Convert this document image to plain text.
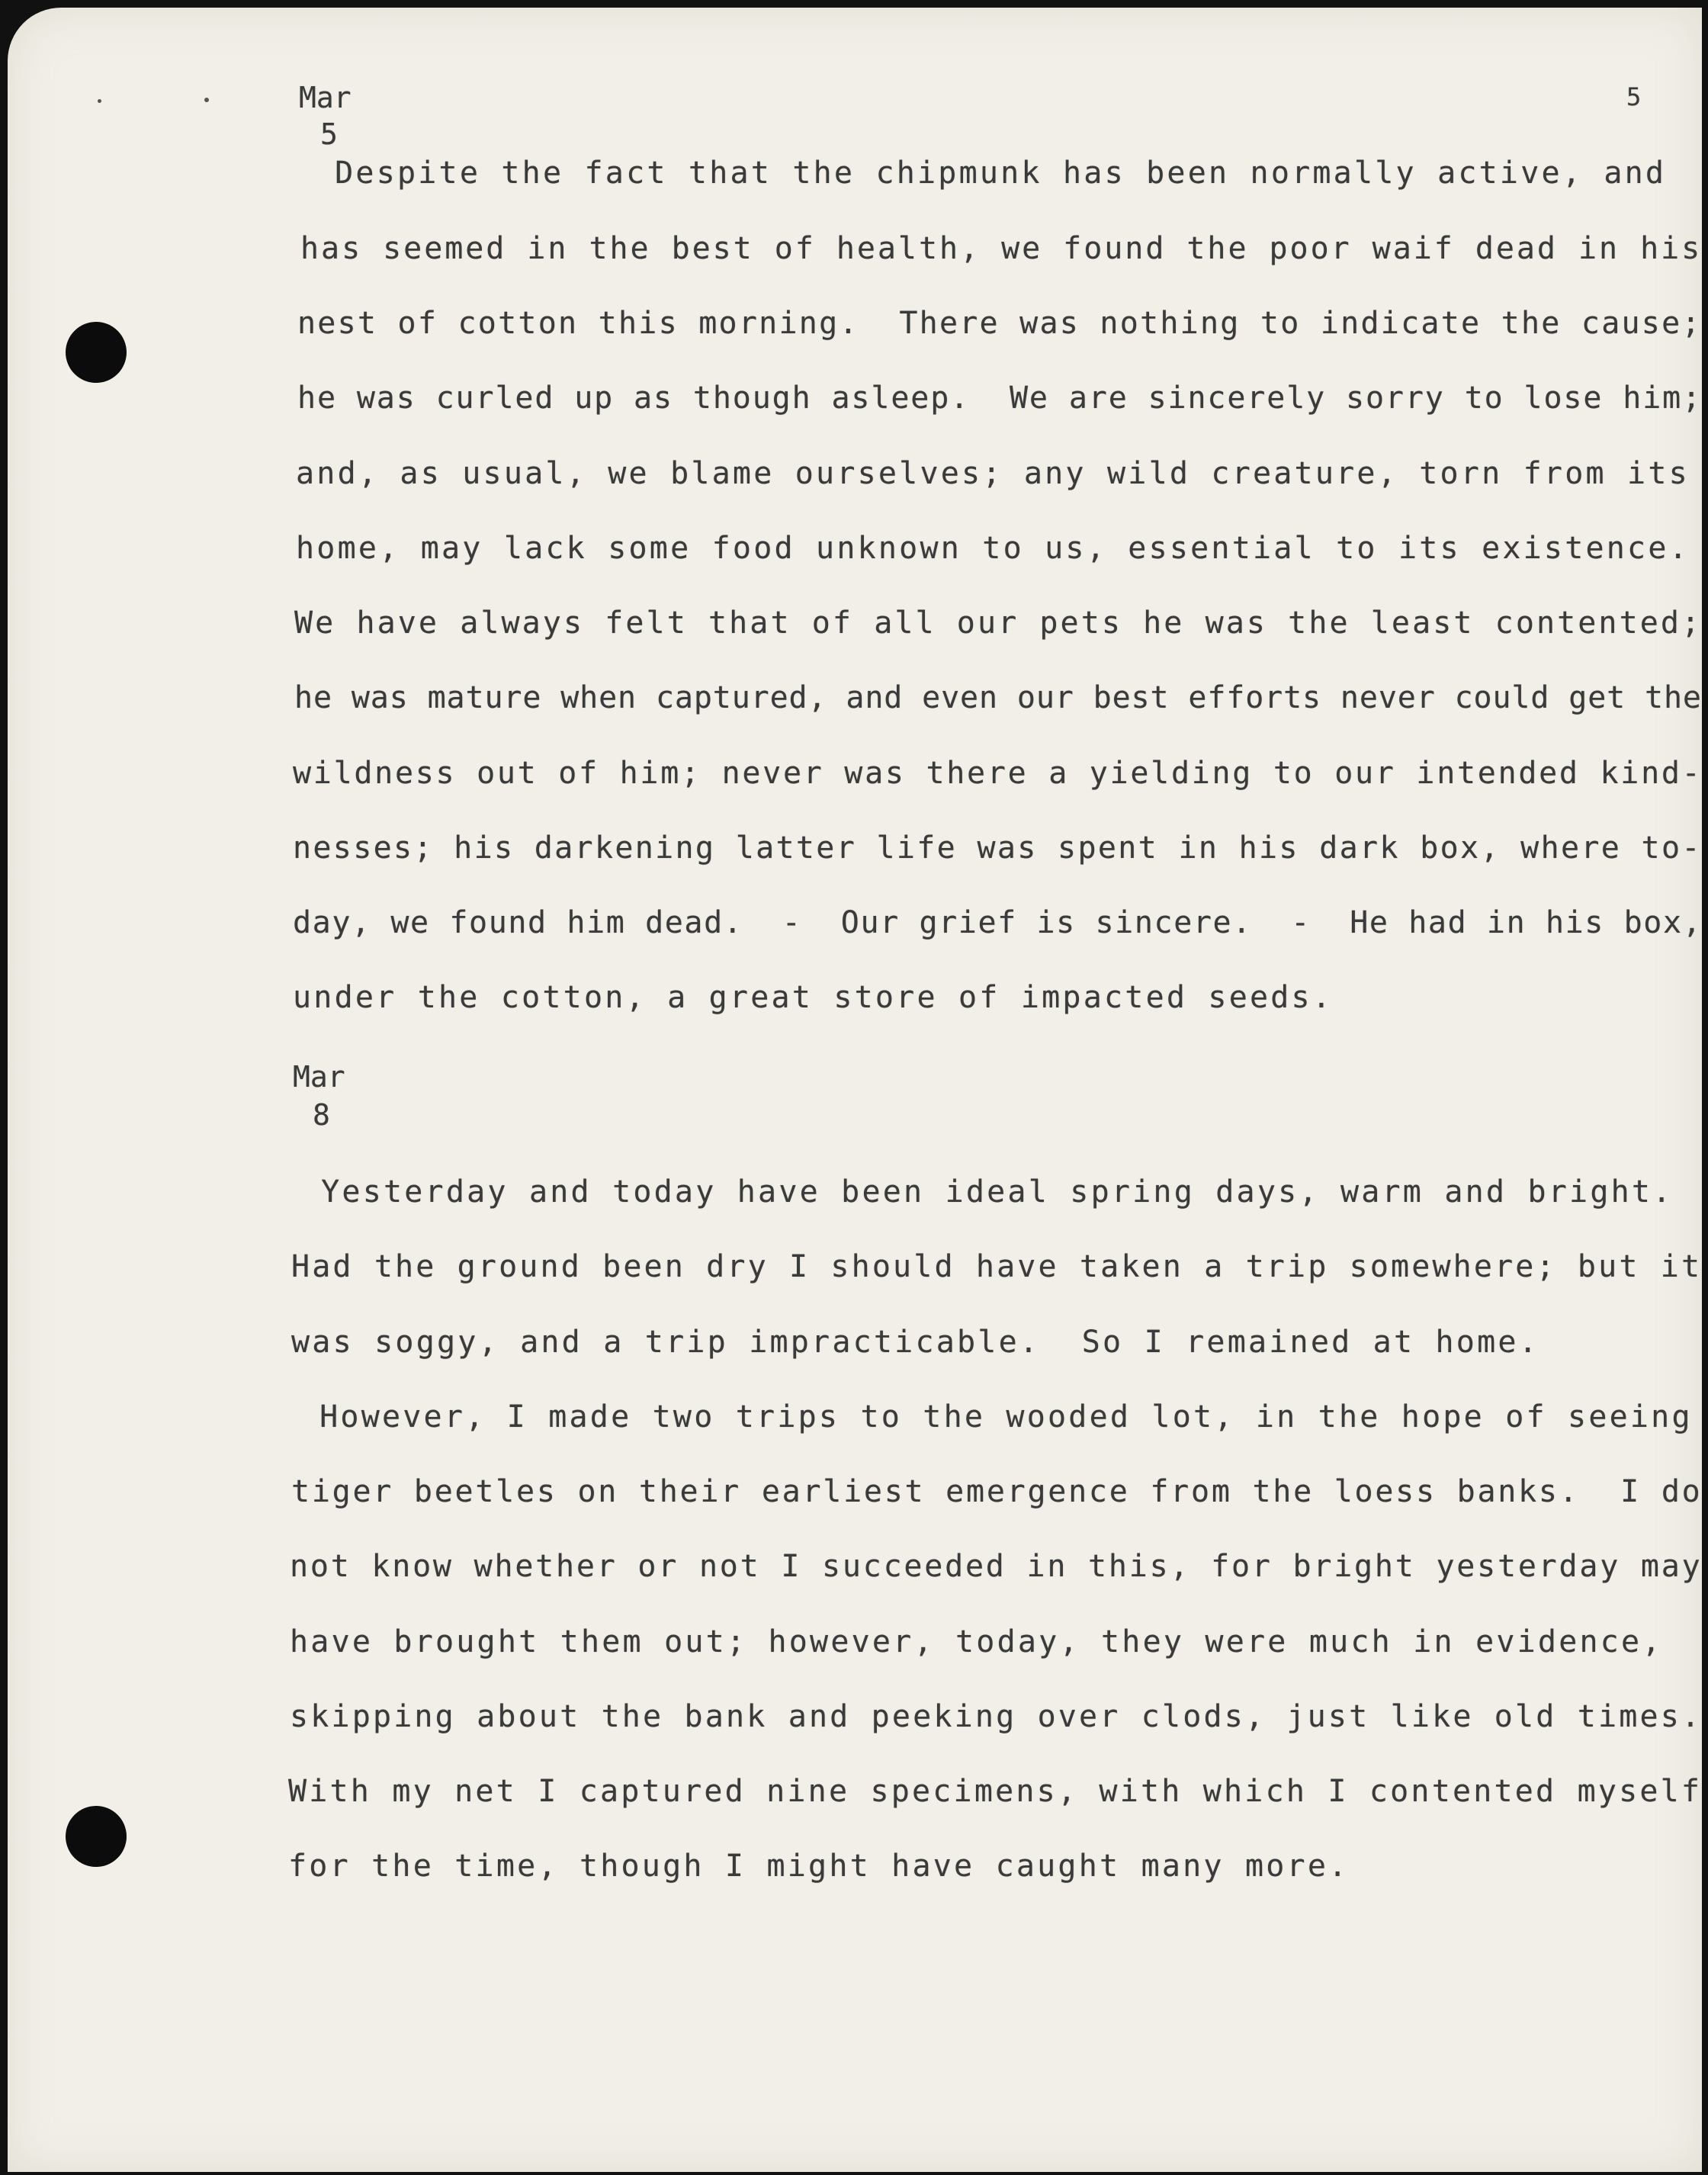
5
Mar
5
Despite the fact that the chipmunk has been normally active, and
has seemed in the best of health, we found the poor waif dead in his
nest of cotton this morning.  There was nothing to indicate the cause;
he was curled up as though asleep.  We are sincerely sorry to lose him;
and, as usual, we blame ourselves; any wild creature, torn from its
home, may lack some food unknown to us, essential to its existence.
We have always felt that of all our pets he was the least contented;
he was mature when captured, and even our best efforts never could get the
wildness out of him; never was there a yielding to our intended kind-
nesses; his darkening latter life was spent in his dark box, where to-
day, we found him dead.  -  Our grief is sincere.  -  He had in his box,
under the cotton, a great store of impacted seeds.
Mar
8
Yesterday and today have been ideal spring days, warm and bright.
Had the ground been dry I should have taken a trip somewhere; but it
was soggy, and a trip impracticable.  So I remained at home.
However, I made two trips to the wooded lot, in the hope of seeing
tiger beetles on their earliest emergence from the loess banks.  I do
not know whether or not I succeeded in this, for bright yesterday may
have brought them out; however, today, they were much in evidence,
skipping about the bank and peeking over clods, just like old times.
With my net I captured nine specimens, with which I contented myself
for the time, though I might have caught many more.
